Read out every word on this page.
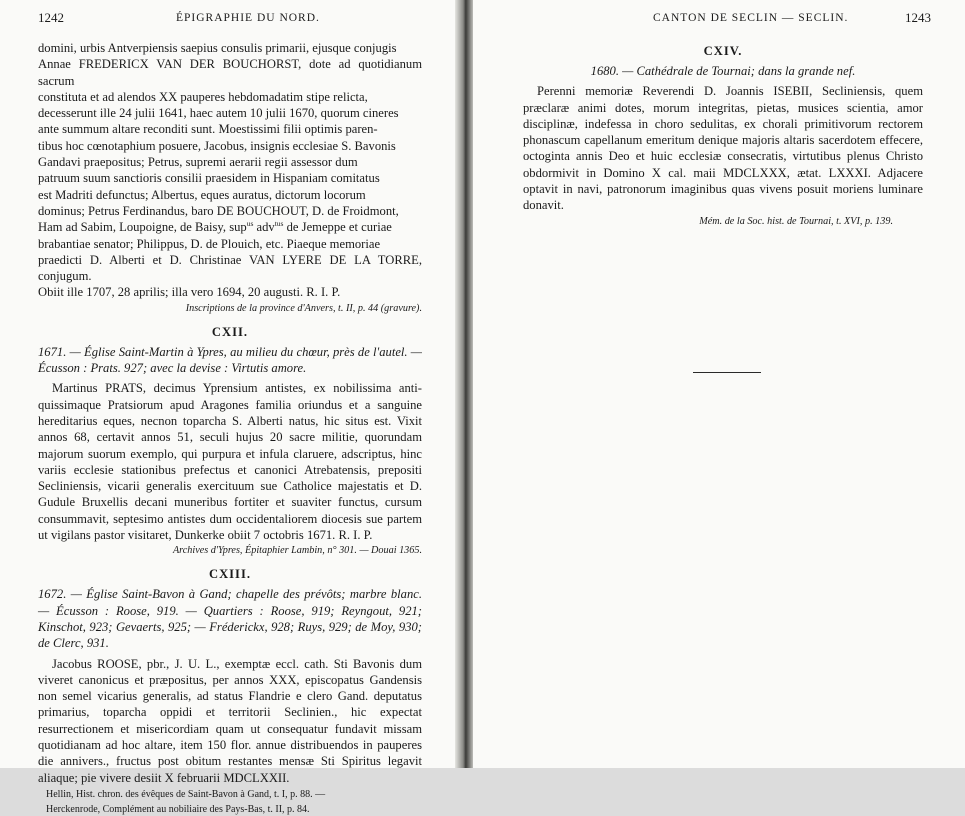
1242	ÉPIGRAPHIE DU NORD.

domini, urbis Antverpiensis saepius consulis primarii, ejusque conjugis

Annae FREDERICX VAN DER BOUCHORST, dote ad quotidianum sacrum

constituta et ad alendos XX pauperes hebdomadatim stipe relicta,

decesserunt ille 24 julii 1641, haec autem 10 julii 1670, quorum cineres

ante summum altare reconditi sunt. Moestissimi filii optimis paren-

tibus hoc cœnotaphium posuere, Jacobus, insignis ecclesiae S. Bavonis

Gandavi praepositus; Petrus, supremi aerarii regii assessor dum

patruum suum sanctioris consilii praesidem in Hispaniam comitatus

est Madriti defunctus; Albertus, eques auratus, dictorum locorum

dominus; Petrus Ferdinandus, baro DE BOUCHOUT, D. de Froidmont,

Ham ad Sabim, Loupoigne, de Baisy, sup$^{us}$ adv$^{tus}$ de Jemeppe et curiae

brabantiae senator; Philippus, D. de Plouich, etc. Piaeque memoriae

praedicti D. Alberti et D. Christinae VAN LYERE DE LA TORRE, conjugum.

Obiit ille 1707, 28 aprilis; illa vero 1694, 20 augusti. R. I. P.

Inscriptions de la province d'Anvers, t. II, p. 44 (gravure).

CXII.

1671. — Église Saint-Martin à Ypres, au milieu du chœur, près de l'autel. — Écusson : Prats. 927; avec la devise : Virtutis amore.

Martinus PRATS, decimus Yprensium antistes, ex nobilissima anti-quissimaque Pratsiorum apud Aragones familia oriundus et a sanguine hereditarius eques, necnon toparcha S. Alberti natus, hic situs est. Vixit annos 68, certavit annos 51, seculi hujus 20 sacre militie, quorundam majorum suorum exemplo, qui purpura et infula claruere, adscriptus, hinc variis ecclesie stationibus prefectus et canonici Atrebatensis, prepositi Secliniensis, vicarii generalis exercituum sue Catholice majestatis et D. Gudule Bruxellis decani muneribus fortiter et suaviter functus, cursum consummavit, septesimo antistes dum occidentaliorem diocesis sue partem ut vigilans pastor visitaret, Dunkerke obiit 7 octobris 1671. R. I. P.

Archives d'Ypres, Épitaphier Lambin, n° 301. — Douai 1365.

CXIII.

1672. — Église Saint-Bavon à Gand; chapelle des prévôts; marbre blanc. — Écusson : Roose, 919. — Quartiers : Roose, 919; Reyngout, 921; Kinschot, 923; Gevaerts, 925; — Fréderickx, 928; Ruys, 929; de Moy, 930; de Clerc, 931.

Jacobus ROOSE, pbr., J. U. L., exemptæ eccl. cath. Sti Bavonis dum viveret canonicus et præpositus, per annos XXX, episcopatus Gandensis non semel vicarius generalis, ad status Flandrie e clero Gand. deputatus primarius, toparcha oppidi et territorii Seclinien., hic expectat resurrectionem et misericordiam quam ut consequatur fundavit missam quotidianam ad hoc altare, item 150 flor. annue distribuendos in pauperes die annivers., fructus post obitum restantes mensæ Sti Spiritus legavit aliaque; pie vivere desiit X februarii MDCLXXII.

Hellin, Hist. chron. des évêques de Saint-Bavon à Gand, t. I, p. 88. —

Herckenrode, Complément au nobiliaire des Pays-Bas, t. II, p. 84.

CANTON DE SECLIN — SECLIN.	1243
CXIV.

1680. — Cathédrale de Tournai; dans la grande nef.

Perenni memoriæ Reverendi D. Joannis ISEBII, Secliniensis, quem præclaræ animi dotes, morum integritas, pietas, musices scientia, amor disciplinæ, indefessa in choro sedulitas, ex chorali primitivorum rectorem phonascum capellanum emeritum denique majoris altaris sacerdotem effecere, octoginta annis Deo et huic ecclesiæ consecratis, virtutibus plenus Christo obdormivit in Domino X cal. maii MDCLXXX, ætat. LXXXI. Adjacere optavit in navi, patronorum imaginibus quas vivens posuit moriens luminare donavit.

Mém. de la Soc. hist. de Tournai, t. XVI, p. 139.
